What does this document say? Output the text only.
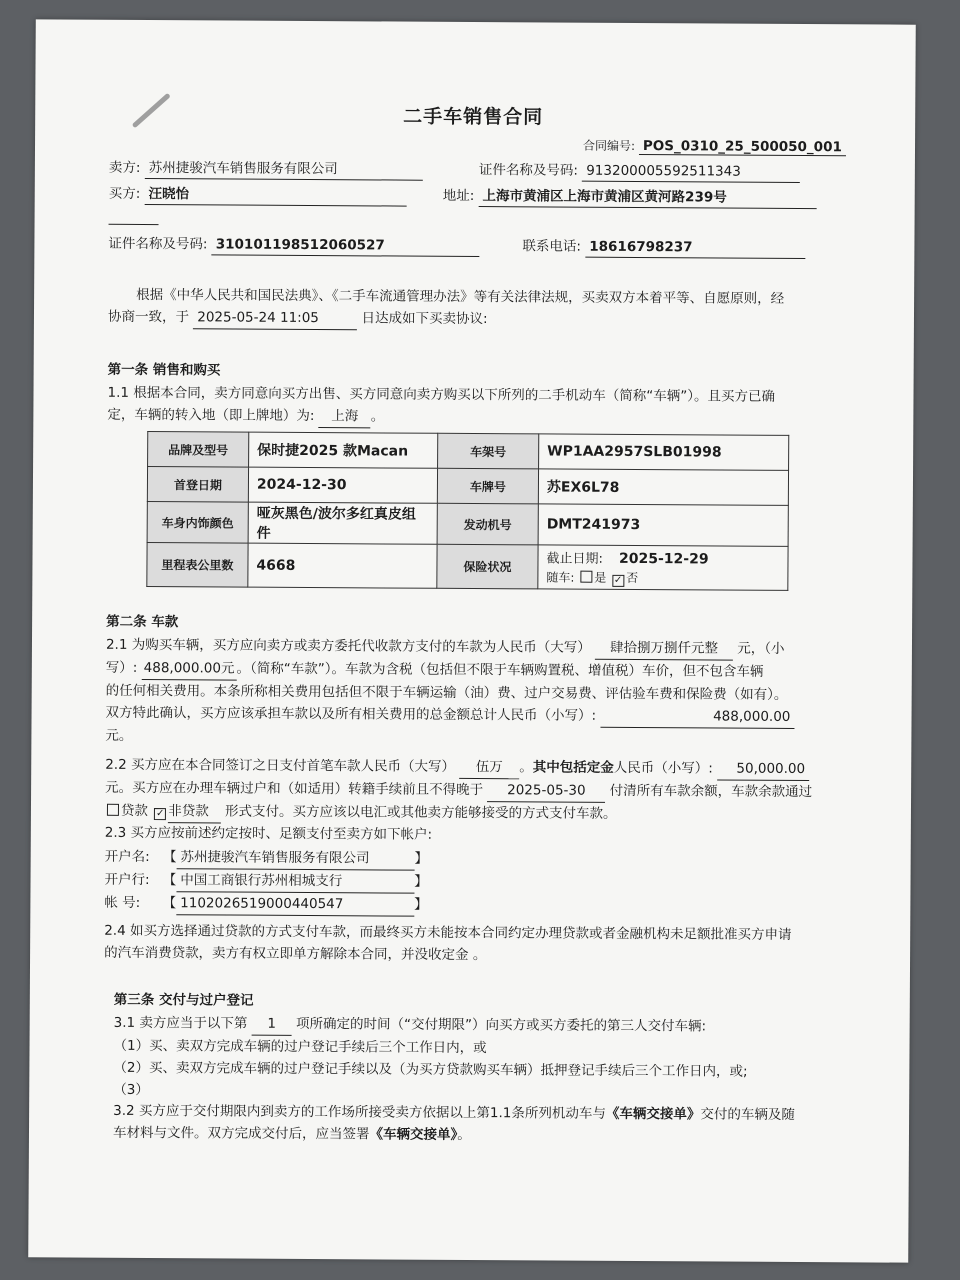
二手车销售合同
合同编号: POS_0310_25_500050_001
卖方: 苏州捷骏汽车销售服务有限公司	证件名称及号码: 913200005592511343
买方: 汪晓怡	地址: 上海市黄浦区上海市黄浦区黄河路239号
证件名称及号码: 310101198512060527	联系电话: 18616798237
根据《中华人民共和国民法典》、《二手车流通管理办法》等有关法律法规，买卖双方本着平等、自愿原则，经
协商一致，于 2025-05-24 11:05	日达成如下买卖协议:
第一条 销售和购买
1.1 根据本合同，卖方同意向买方出售、买方同意向卖方购买以下所列的二手机动车（简称“车辆”）。且买方已确
定，车辆的转入地（即上牌地）为: 上海 。
品牌及型号	保时捷2025 款Macan	车架号	WP1AA2957SLB01998
首登日期	2024-12-30	车牌号	苏EX6L78
车身内饰颜色	哑灰黑色/波尔多红真皮组件	发动机号	DMT241973
里程表公里数	4668	保险状况	截止日期: 2025-12-29
随车: 是 ✓ 否
第二条 车款
2.1 为购买车辆，买方应向卖方或卖方委托代收款方支付的车款为人民币（大写） 肆拾捌万捌仟元整 元，（小
写）: 488,000.00元 。（简称“车款”）。车款为含税（包括但不限于车辆购置税、增值税）车价，但不包含车辆
的任何相关费用。本条所称相关费用包括但不限于车辆运输（油）费、过户交易费、评估验车费和保险费（如有）。
双方特此确认，买方应该承担车款以及所有相关费用的总金额总计人民币（小写）:	488,000.00
元。
2.2 买方应在本合同签订之日支付首笔车款人民币（大写） 伍万 。其中包括定金人民币（小写）: 50,000.00
元。买方应在办理车辆过户和（如适用）转籍手续前且不得晚于 2025-05-30 付清所有车款余额，车款余款通过
贷款 ✓ 非贷款 形式支付。买方应该以电汇或其他卖方能够接受的方式支付车款。
2.3 买方应按前述约定按时、足额支付至卖方如下帐户:
开户名: 【 苏州捷骏汽车销售服务有限公司	】
开户行: 【 中国工商银行苏州相城支行	】
帐 号: 【 1102026519000440547	】
2.4 如买方选择通过贷款的方式支付车款，而最终买方未能按本合同约定办理贷款或者金融机构未足额批准买方申请
的汽车消费贷款，卖方有权立即单方解除本合同，并没收定金 。
第三条 交付与过户登记
3.1 卖方应当于以下第 1 项所确定的时间（“交付期限”）向买方或买方委托的第三人交付车辆:
（1）买、卖双方完成车辆的过户登记手续后三个工作日内，或
（2）买、卖双方完成车辆的过户登记手续以及（为买方贷款购买车辆）抵押登记手续后三个工作日内，或;
（3）
3.2 买方应于交付期限内到卖方的工作场所接受卖方依据以上第1.1条所列机动车与《车辆交接单》交付的车辆及随
车材料与文件。双方完成交付后，应当签署《车辆交接单》。
